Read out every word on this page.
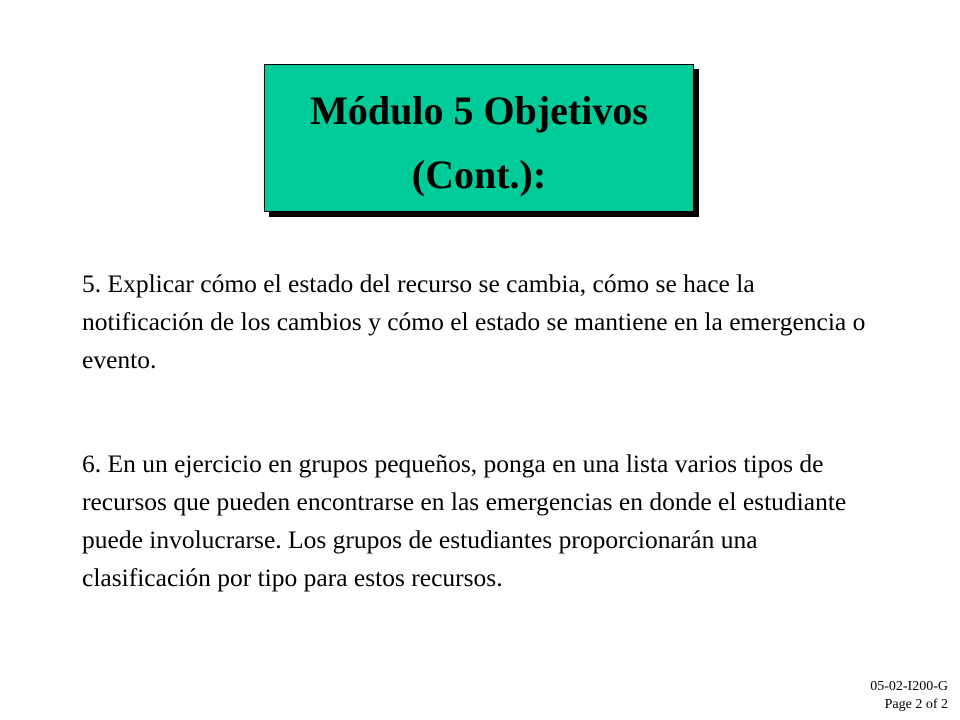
Módulo 5 Objetivos
(Cont.):

5. Explicar cómo el estado del recurso se cambia, cómo se hace la notificación de los cambios y cómo el estado se mantiene en la emergencia o evento.

6. En un ejercicio en grupos pequeños, ponga en una lista varios tipos de recursos que pueden encontrarse en las emergencias en donde el estudiante puede involucrarse. Los grupos de estudiantes proporcionarán una clasificación por tipo para estos recursos.

05-02-I200-G
Page 2 of 2
